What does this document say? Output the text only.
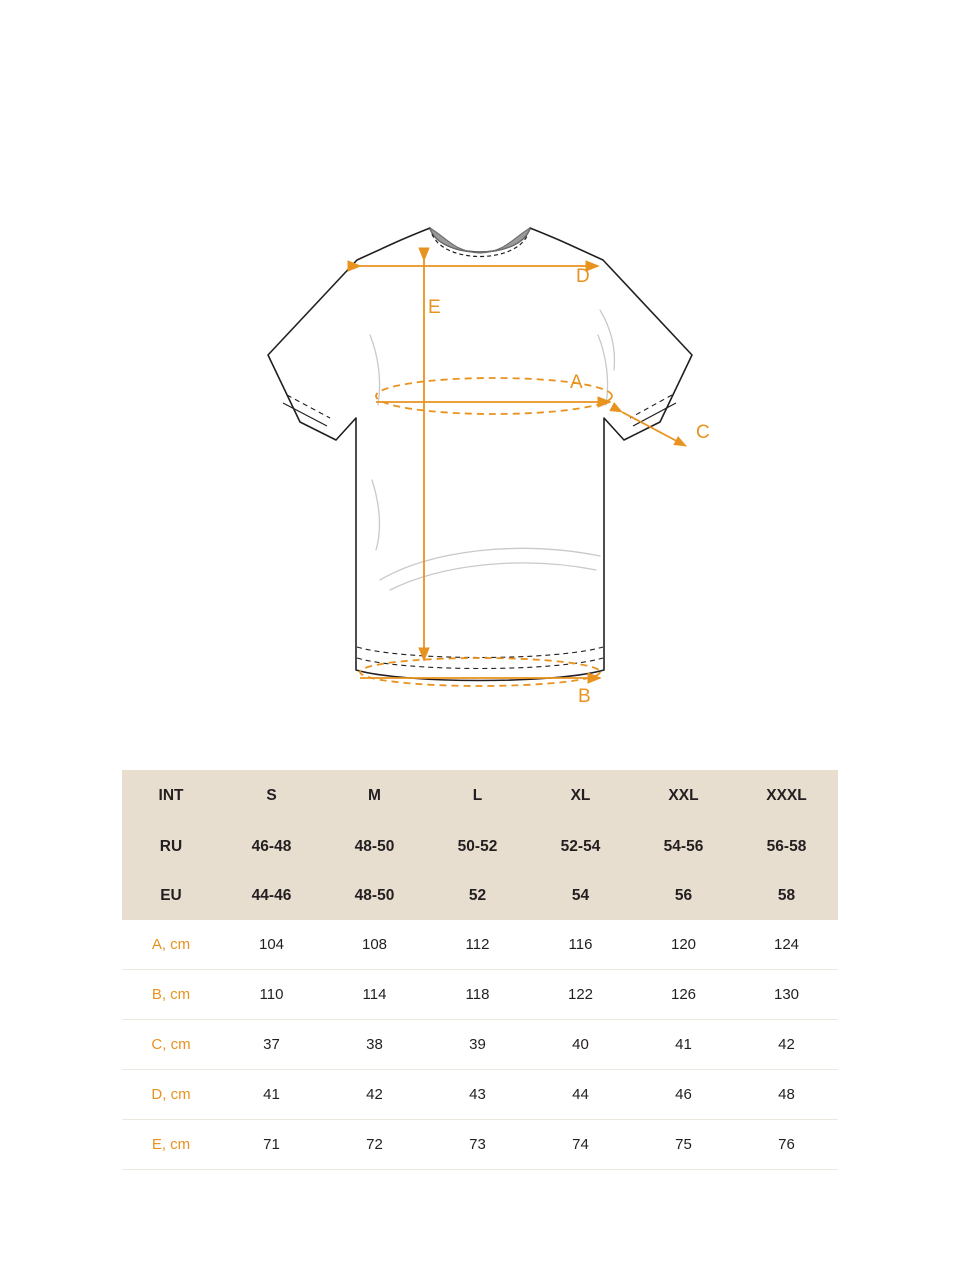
A
B
C
D
E
INT	S	M	L	XL	XXL	XXXL
RU	46-48	48-50	50-52	52-54	54-56	56-58
EU	44-46	48-50	52	54	56	58
A, cm	104	108	112	116	120	124
B, cm	110	114	118	122	126	130
C, cm	37	38	39	40	41	42
D, cm	41	42	43	44	46	48
E, cm	71	72	73	74	75	76
